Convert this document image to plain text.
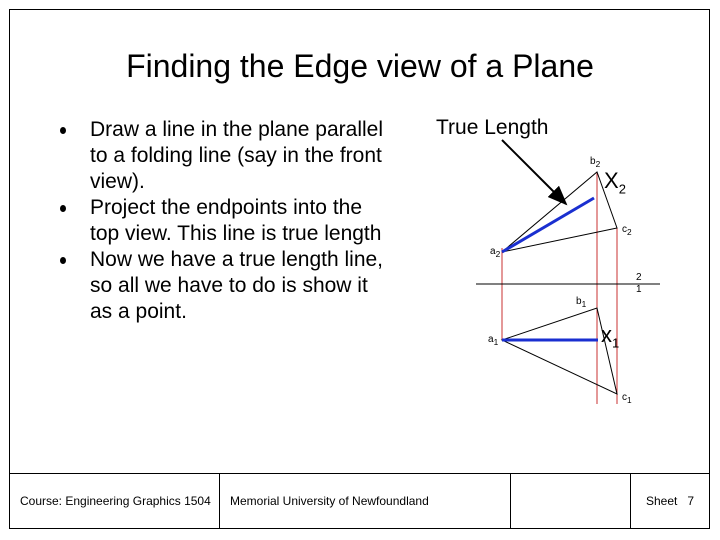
Finding the Edge view of a Plane
Draw a line in the plane parallel
to a folding line (say in the front
view).
Project the endpoints into the
top view. This line is true length
Now we have a true length line,
so all we have to do is show it
as a point.
True Length
$X_2$
$x_1$
$b_2$
$c_2$
$a_2$
2
1
$b_1$
$a_1$
$c_1$
Course: Engineering Graphics 1504	Memorial University of Newfoundland	Sheet
7
